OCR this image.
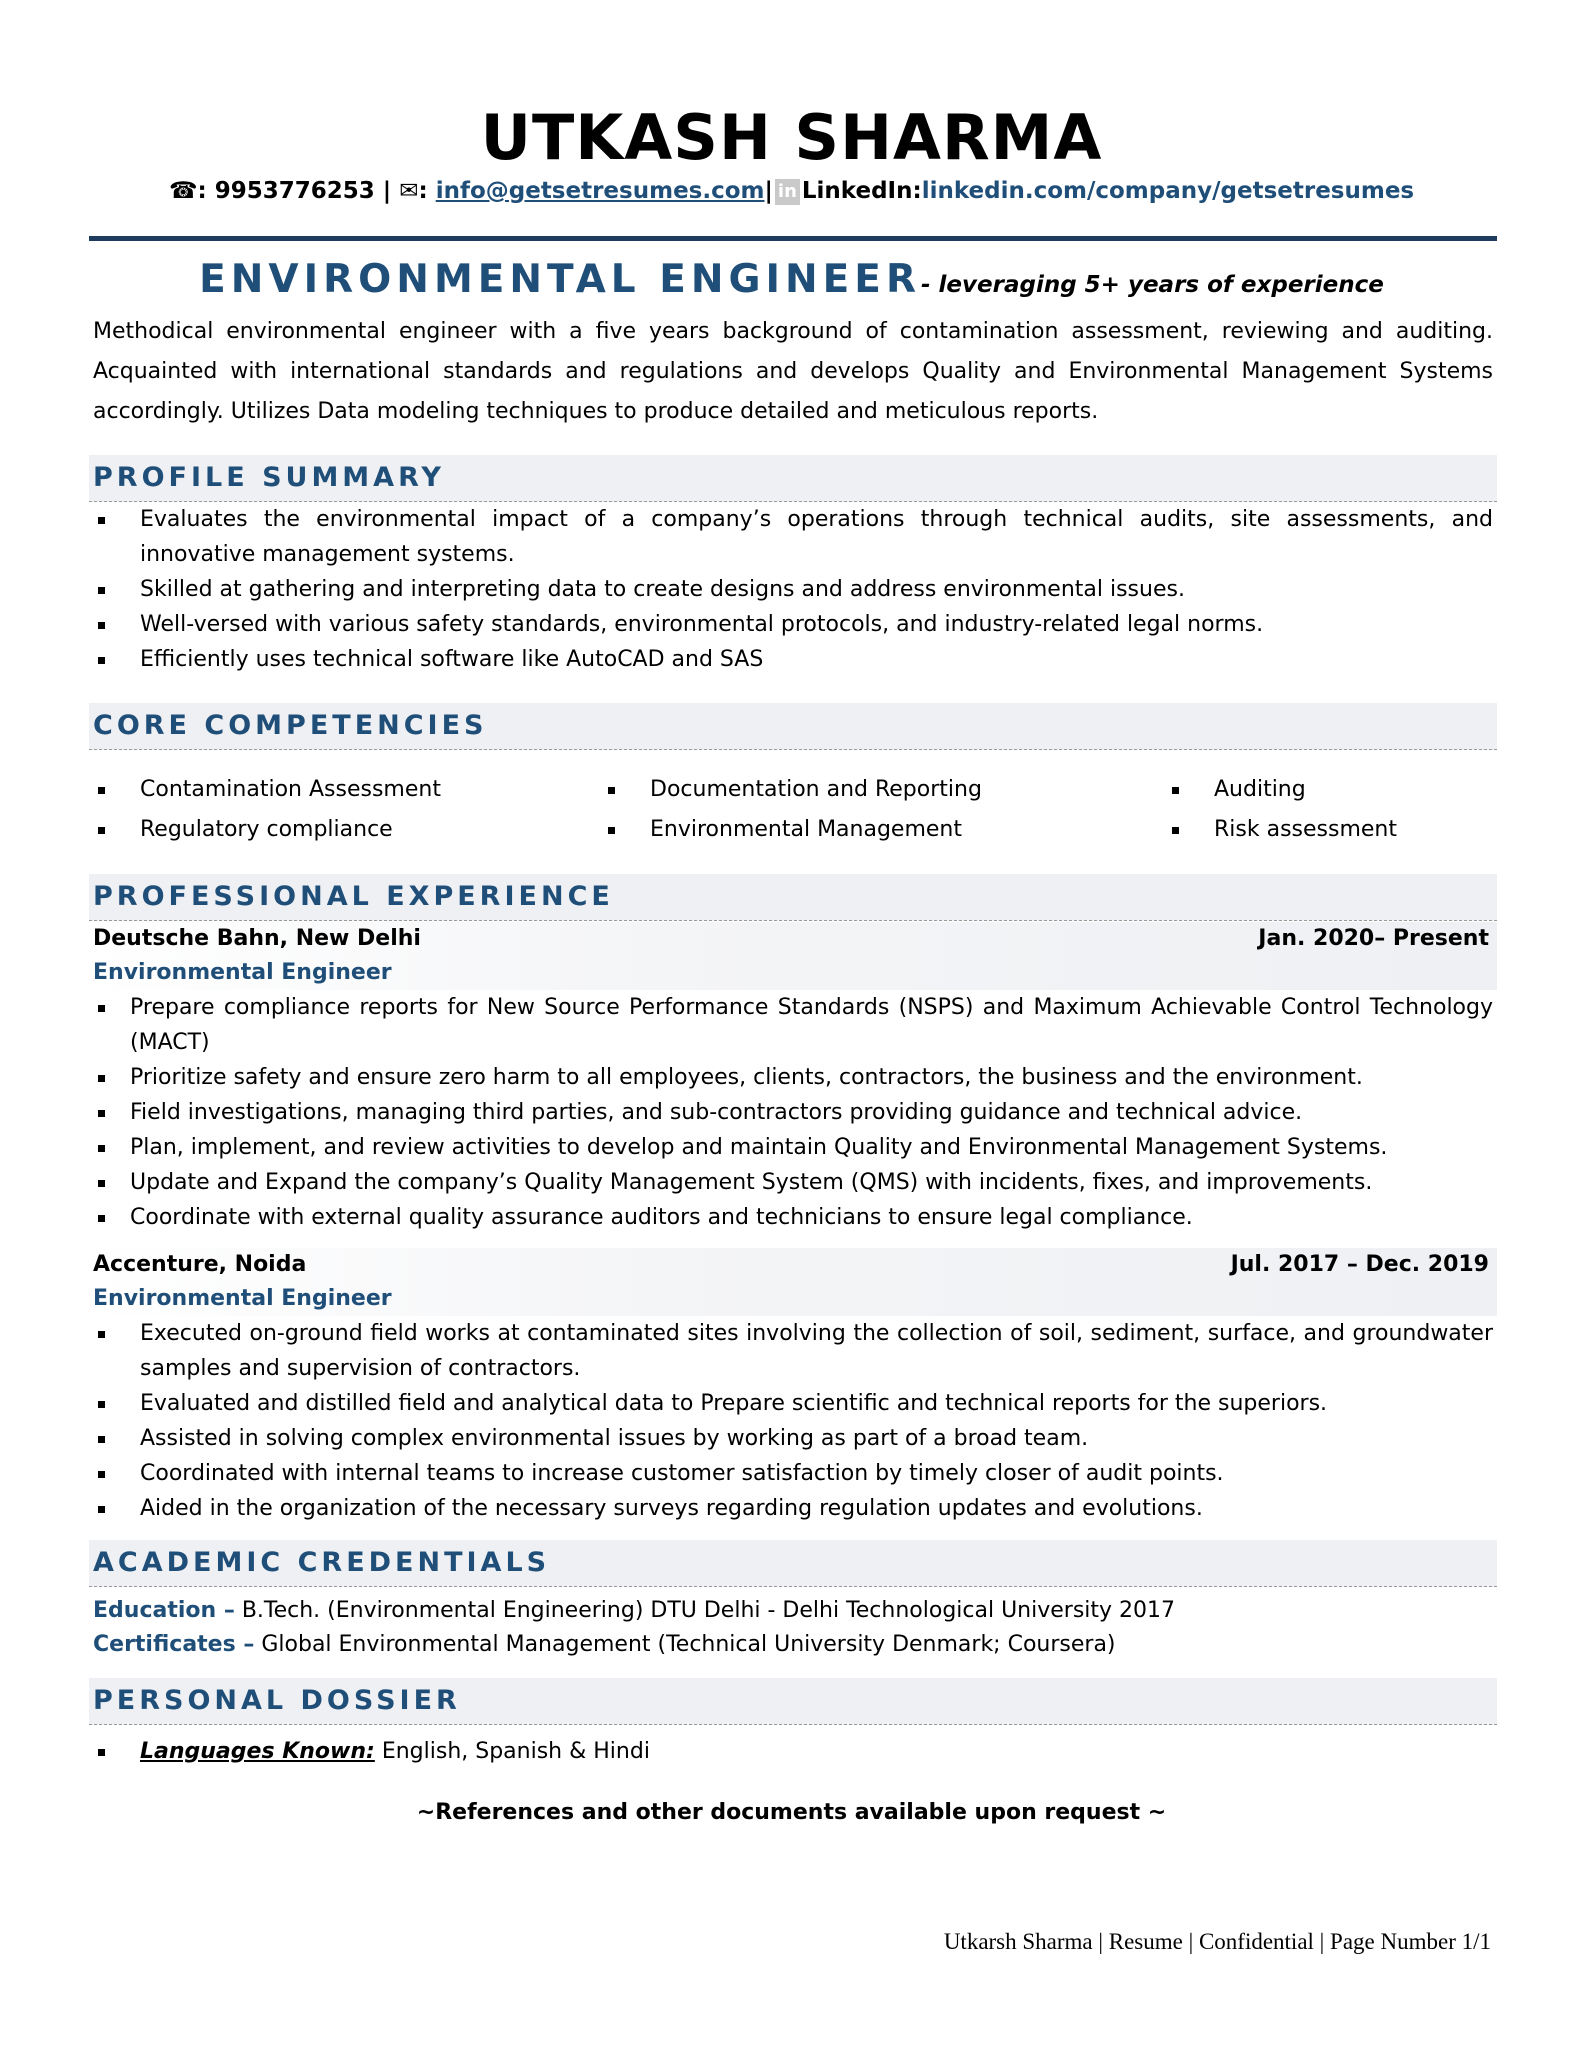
UTKASH SHARMA
☎: 9953776253 | ✉: info@getsetresumes.com| in LinkedIn:linkedin.com/company/getsetresumes
ENVIRONMENTAL ENGINEER- leveraging 5+ years of experience
Methodical environmental engineer with a five years background of contamination assessment, reviewing and auditing. Acquainted with international standards and regulations and develops Quality and Environmental Management Systems accordingly. Utilizes Data modeling techniques to produce detailed and meticulous reports.
PROFILE SUMMARY
Evaluates the environmental impact of a company’s operations through technical audits, site assessments, and innovative management systems.
Skilled at gathering and interpreting data to create designs and address environmental issues.
Well-versed with various safety standards, environmental protocols, and industry-related legal norms.
Efficiently uses technical software like AutoCAD and SAS
CORE COMPETENCIES
Contamination Assessment
Regulatory compliance
Documentation and Reporting
Environmental Management
Auditing
Risk assessment
PROFESSIONAL EXPERIENCE
Deutsche Bahn, New Delhi	Jan. 2020– Present
Environmental Engineer
Prepare compliance reports for New Source Performance Standards (NSPS) and Maximum Achievable Control Technology (MACT)
Prioritize safety and ensure zero harm to all employees, clients, contractors, the business and the environment.
Field investigations, managing third parties, and sub-contractors providing guidance and technical advice.
Plan, implement, and review activities to develop and maintain Quality and Environmental Management Systems.
Update and Expand the company’s Quality Management System (QMS) with incidents, fixes, and improvements.
Coordinate with external quality assurance auditors and technicians to ensure legal compliance.
Accenture, Noida	Jul. 2017 – Dec. 2019
Environmental Engineer
Executed on-ground field works at contaminated sites involving the collection of soil, sediment, surface, and groundwater samples and supervision of contractors.
Evaluated and distilled field and analytical data to Prepare scientific and technical reports for the superiors.
Assisted in solving complex environmental issues by working as part of a broad team.
Coordinated with internal teams to increase customer satisfaction by timely closer of audit points.
Aided in the organization of the necessary surveys regarding regulation updates and evolutions.
ACADEMIC CREDENTIALS
Education – B.Tech. (Environmental Engineering) DTU Delhi - Delhi Technological University 2017
Certificates – Global Environmental Management (Technical University Denmark; Coursera)
PERSONAL DOSSIER
Languages Known: English, Spanish & Hindi
~References and other documents available upon request ~
Utkarsh Sharma | Resume | Confidential | Page Number 1/1
